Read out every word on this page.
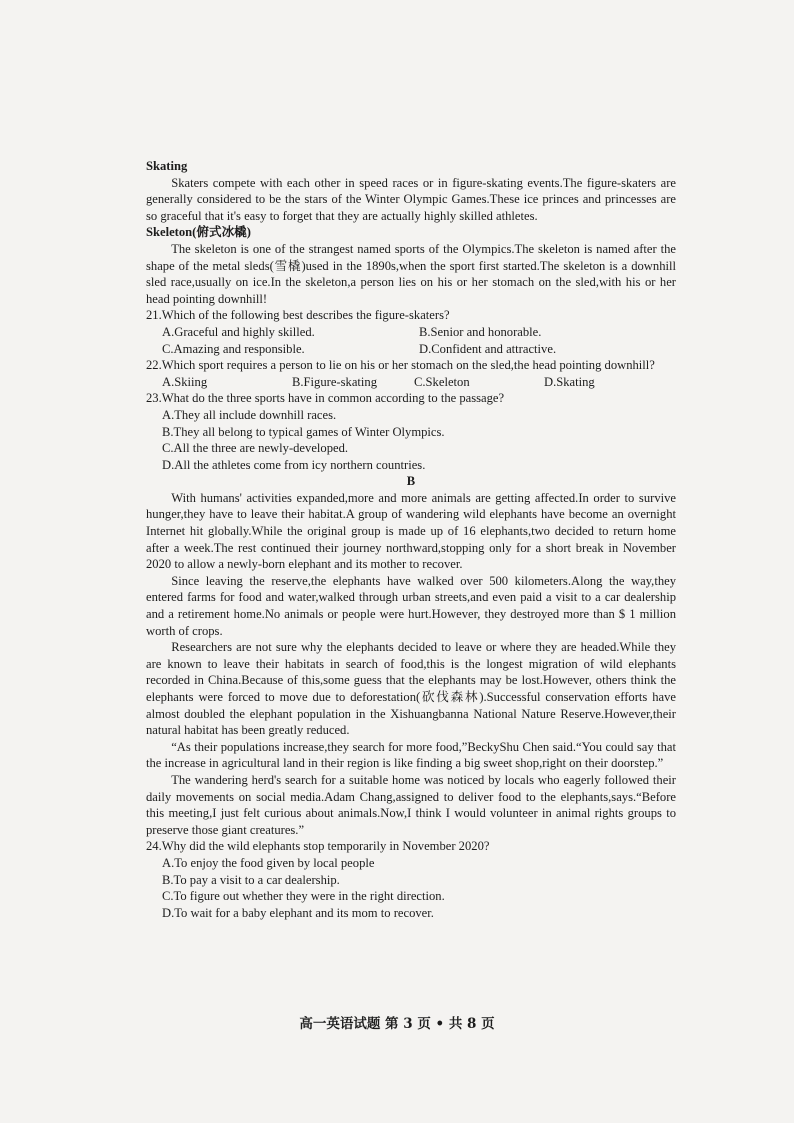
Skating

Skaters compete with each other in speed races or in figure-skating events.The figure-skaters are generally considered to be the stars of the Winter Olympic Games.These ice princes and princesses are so graceful that it's easy to forget that they are actually highly skilled athletes.

Skeleton(俯式冰橇)

The skeleton is one of the strangest named sports of the Olympics.The skeleton is named after the shape of the metal sleds(雪橇)used in the 1890s,when the sport first started.The skeleton is a downhill sled race,usually on ice.In the skeleton,a person lies on his or her stomach on the sled,with his or her head pointing downhill!

21.Which of the following best describes the figure-skaters?

A.Graceful and highly skilled.	B.Senior and honorable.
C.Amazing and responsible.	D.Confident and attractive.

22.Which sport requires a person to lie on his or her stomach on the sled,the head pointing downhill?

A.Skiing	B.Figure-skating	C.Skeleton	D.Skating

23.What do the three sports have in common according to the passage?

A.They all include downhill races.

B.They all belong to typical games of Winter Olympics.

C.All the three are newly-developed.

D.All the athletes come from icy northern countries.

B

With humans' activities expanded,more and more animals are getting affected.In order to survive hunger,they have to leave their habitat.A group of wandering wild elephants have become an overnight Internet hit globally.While the original group is made up of 16 elephants,two decided to return home after a week.The rest continued their journey northward,stopping only for a short break in November 2020 to allow a newly-born elephant and its mother to recover.

Since leaving the reserve,the elephants have walked over 500 kilometers.Along the way,they entered farms for food and water,walked through urban streets,and even paid a visit to a car dealership and a retirement home.No animals or people were hurt.However, they destroyed more than $ 1 million worth of crops.

Researchers are not sure why the elephants decided to leave or where they are headed.While they are known to leave their habitats in search of food,this is the longest migration of wild elephants recorded in China.Because of this,some guess that the elephants may be lost.However, others think the elephants were forced to move due to deforestation(砍伐森林).Successful conservation efforts have almost doubled the elephant population in the Xishuangbanna National Nature Reserve.However,their natural habitat has been greatly reduced.

“As their populations increase,they search for more food,”BeckyShu Chen said.“You could say that the increase in agricultural land in their region is like finding a big sweet shop,right on their doorstep.”

The wandering herd's search for a suitable home was noticed by locals who eagerly followed their daily movements on social media.Adam Chang,assigned to deliver food to the elephants,says.“Before this meeting,I just felt curious about animals.Now,I think I would volunteer in animal rights groups to preserve those giant creatures.”

24.Why did the wild elephants stop temporarily in November 2020?

A.To enjoy the food given by local people

B.To pay a visit to a car dealership.

C.To figure out whether they were in the right direction.

D.To wait for a baby elephant and its mom to recover.

高一英语试题 第 3 页 • 共 8 页
